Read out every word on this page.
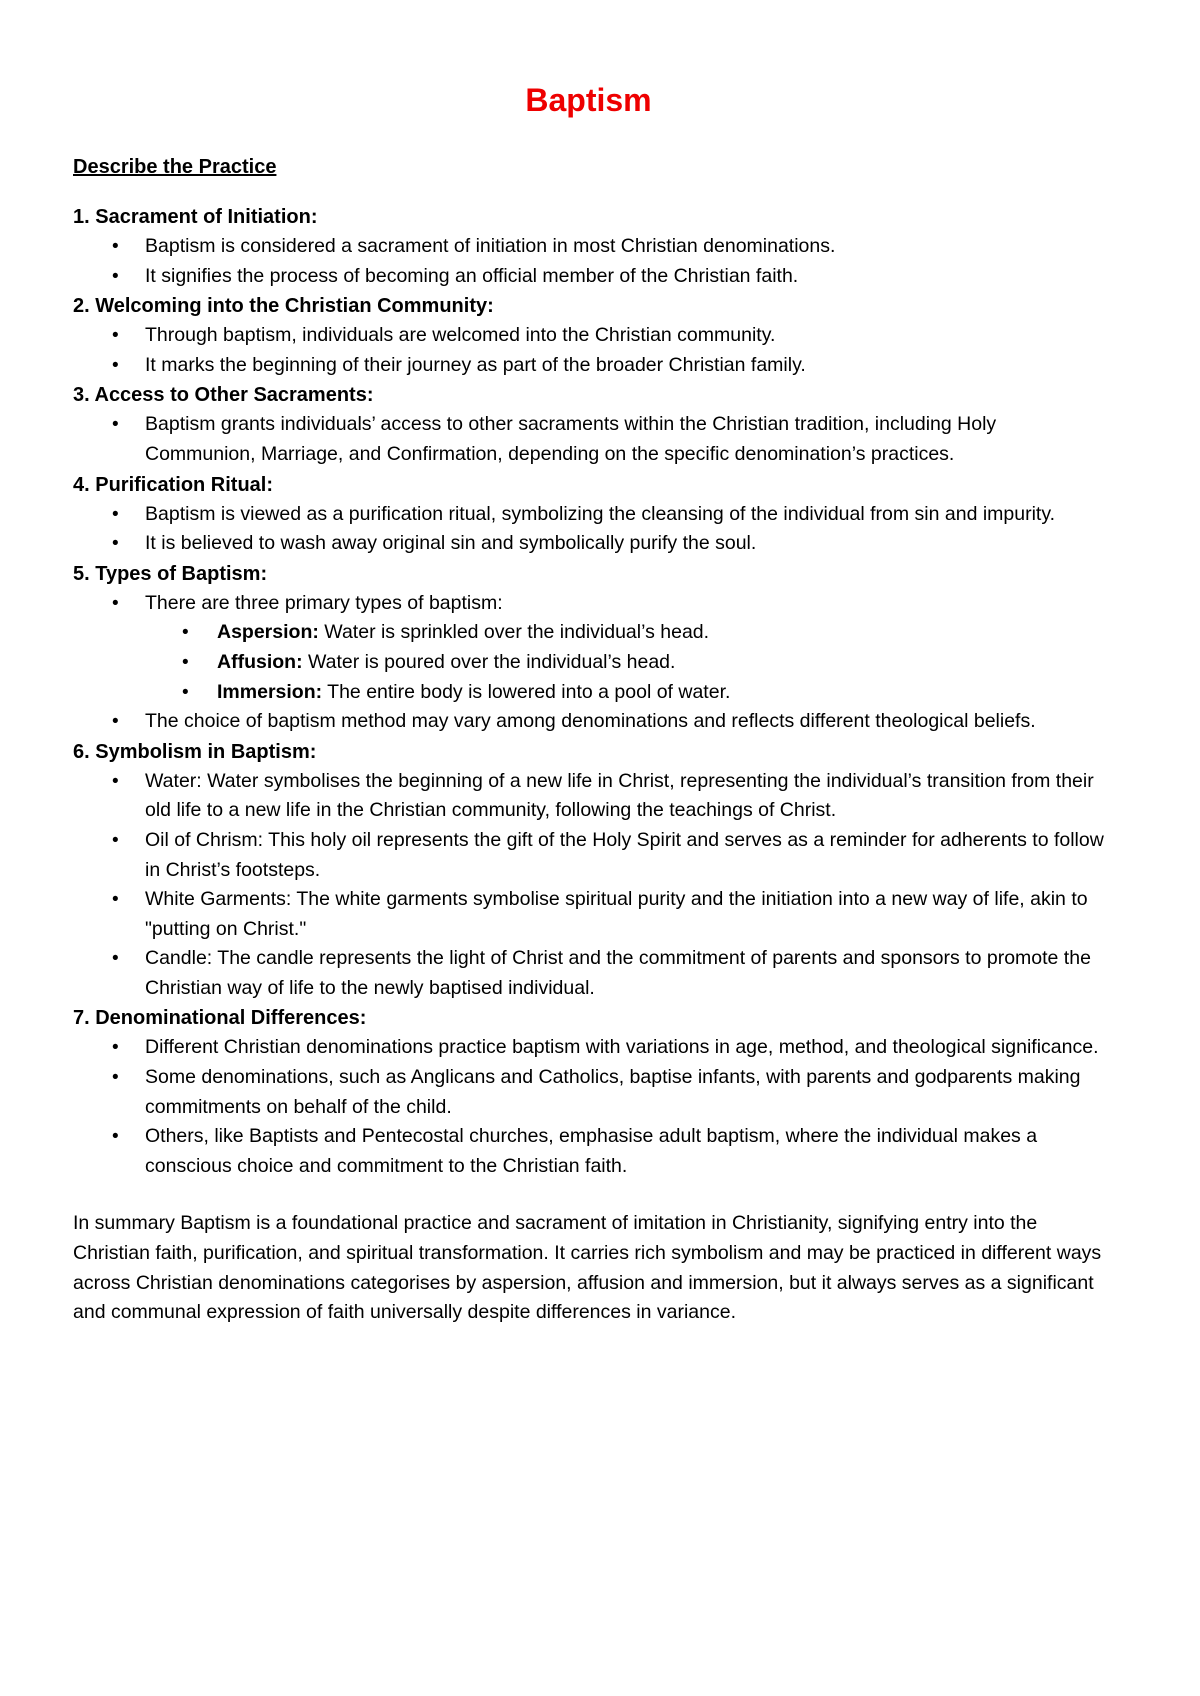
Baptism
Describe the Practice
1. Sacrament of Initiation:
• Baptism is considered a sacrament of initiation in most Christian denominations.
• It signifies the process of becoming an official member of the Christian faith.
2. Welcoming into the Christian Community:
• Through baptism, individuals are welcomed into the Christian community.
• It marks the beginning of their journey as part of the broader Christian family.
3. Access to Other Sacraments:
• Baptism grants individuals’ access to other sacraments within the Christian tradition, including Holy Communion, Marriage, and Confirmation, depending on the specific denomination’s practices.
4. Purification Ritual:
• Baptism is viewed as a purification ritual, symbolizing the cleansing of the individual from sin and impurity.
• It is believed to wash away original sin and symbolically purify the soul.
5. Types of Baptism:
• There are three primary types of baptism:
• Aspersion: Water is sprinkled over the individual’s head.
• Affusion: Water is poured over the individual’s head.
• Immersion: The entire body is lowered into a pool of water.
• The choice of baptism method may vary among denominations and reflects different theological beliefs.
6. Symbolism in Baptism:
• Water: Water symbolises the beginning of a new life in Christ, representing the individual’s transition from their old life to a new life in the Christian community, following the teachings of Christ.
• Oil of Chrism: This holy oil represents the gift of the Holy Spirit and serves as a reminder for adherents to follow in Christ’s footsteps.
• White Garments: The white garments symbolise spiritual purity and the initiation into a new way of life, akin to "putting on Christ."
• Candle: The candle represents the light of Christ and the commitment of parents and sponsors to promote the Christian way of life to the newly baptised individual.
7. Denominational Differences:
• Different Christian denominations practice baptism with variations in age, method, and theological significance.
• Some denominations, such as Anglicans and Catholics, baptise infants, with parents and godparents making commitments on behalf of the child.
• Others, like Baptists and Pentecostal churches, emphasise adult baptism, where the individual makes a conscious choice and commitment to the Christian faith.

In summary Baptism is a foundational practice and sacrament of imitation in Christianity, signifying entry into the Christian faith, purification, and spiritual transformation. It carries rich symbolism and may be practiced in different ways across Christian denominations categorises by aspersion, affusion and immersion, but it always serves as a significant and communal expression of faith universally despite differences in variance.
